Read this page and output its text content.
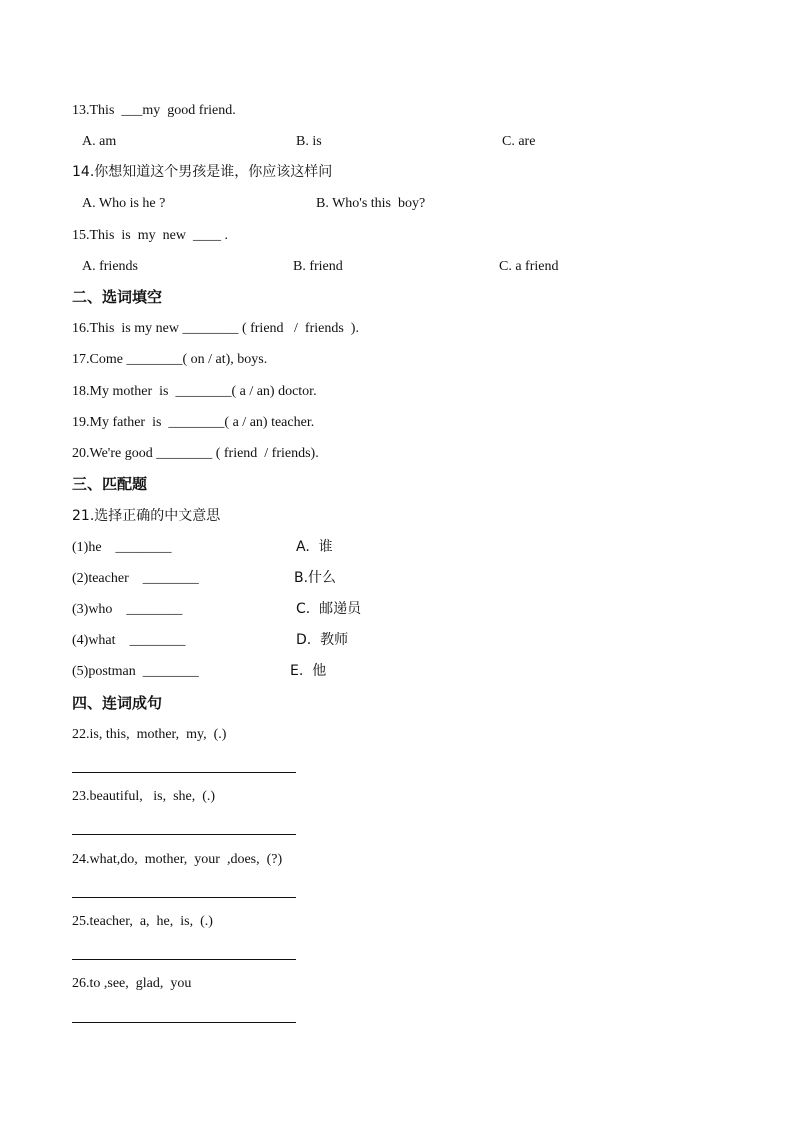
13.This  ___my  good friend.
A. am	B. is	C. are
14.你想知道这个男孩是谁，你应该这样问
A. Who is he ?	B. Who's this  boy?
15.This  is  my  new  ____ .
A. friends	B. friend	C. a friend
二、选词填空
16.This  is my new ________ ( friend   /  friends  ).
17.Come ________( on / at), boys.
18.My mother  is  ________( a / an) doctor.
19.My father  is  ________( a / an) teacher.
20.We're good ________ ( friend  / friends).
三、匹配题
21.选择正确的中文意思
(1)he    ________	A.  谁
(2)teacher    ________	B.什么
(3)who    ________	C.  邮递员
(4)what    ________	D.  教师
(5)postman  ________	E.  他
四、连词成句
22.is, this,  mother,  my,  (.)
23.beautiful,   is,  she,  (.)
24.what,do,  mother,  your  ,does,  (?)
25.teacher,  a,  he,  is,  (.)
26.to ,see,  glad,  you
